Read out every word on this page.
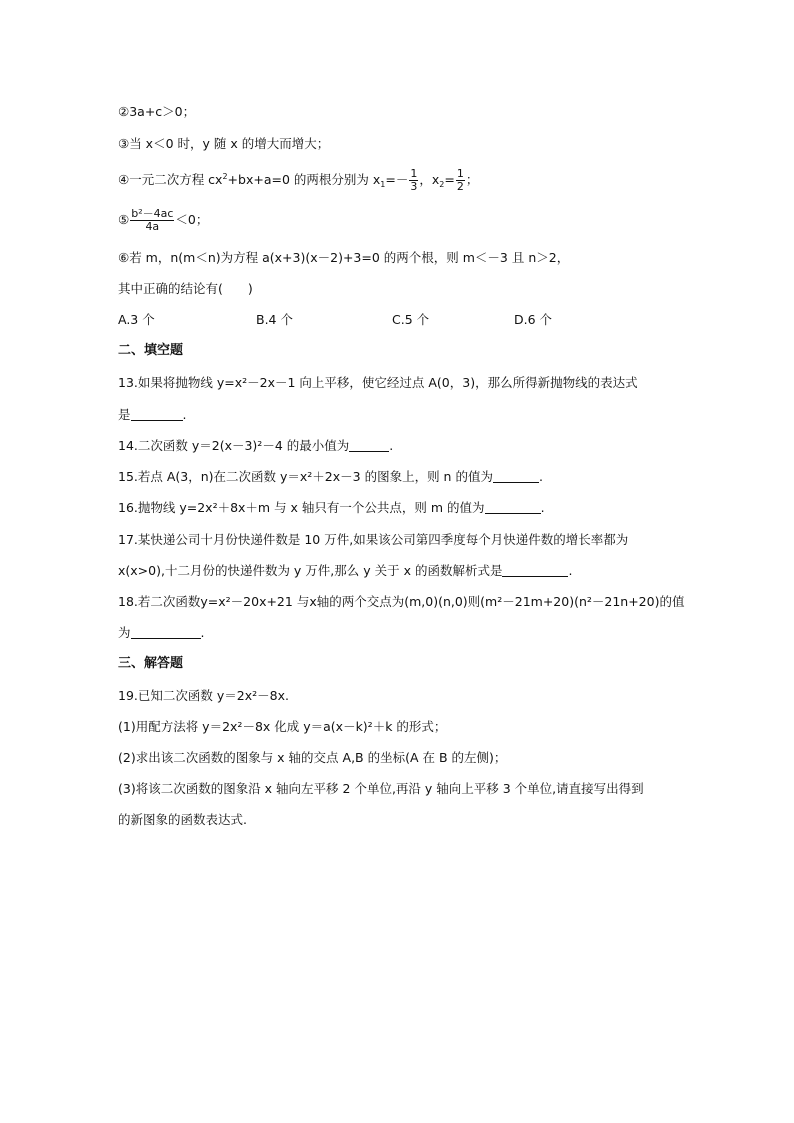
②3a+c＞0；
③当 x＜0 时，y 随 x 的增大而增大；
④一元二次方程 $cx^2+bx+a=0$ 的两根分别为 $x_1=- \frac{1}{3}$ ，$x_2= \frac{1}{2}$ ；
⑤ $\frac{\text{b²－4ac}}{4a} <0$；
⑥若 m，n(m＜n)为方程 a(x+3)(x－2)+3=0 的两个根，则 m＜－3 且 n＞2，
其中正确的结论有(　　)
A.3 个	B.4 个	C.5 个	D.6 个
二、填空题
13.如果将抛物线 y=x²－2x－1 向上平移，使它经过点 A(0，3)，那么所得新抛物线的表达式
是	.
14.二次函数 y＝2(x－3)²－4 的最小值为	.
15.若点 A(3，n)在二次函数 y＝x²＋2x－3 的图象上，则 n 的值为	.
16.抛物线 y=2x²＋8x＋m 与 x 轴只有一个公共点，则 m 的值为	.
17.某快递公司十月份快递件数是 10 万件,如果该公司第四季度每个月快递件数的增长率都为
x(x>0),十二月份的快递件数为 y 万件,那么 y 关于 x 的函数解析式是	.
18.若二次函数y=x²－20x+21 与x轴的两个交点为(m,0)(n,0)则(m²－21m+20)(n²－21n+20)的值
为	.
三、解答题
19.已知二次函数 y＝2x²－8x.
(1)用配方法将 y＝2x²－8x 化成 y＝a(x－k)²＋k 的形式；
(2)求出该二次函数的图象与 x 轴的交点 A,B 的坐标(A 在 B 的左侧)；
(3)将该二次函数的图象沿 x 轴向左平移 2 个单位,再沿 y 轴向上平移 3 个单位,请直接写出得到
的新图象的函数表达式.
